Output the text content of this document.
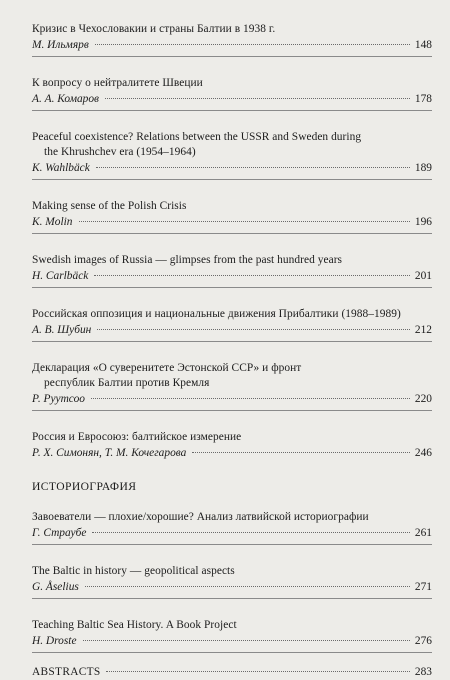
Кризис в Чехословакии и страны Балтии в 1938 г.
М. Ильмярв	148
К вопросу о нейтралитете Швеции
А. А. Комаров	178
Peaceful coexistence? Relations between the USSR and Sweden during
the Khrushchev era (1954–1964)
K. Wahlbäck	189
Making sense of the Polish Crisis
K. Molin	196
Swedish images of Russia — glimpses from the past hundred years
H. Carlbäck	201
Российская оппозиция и национальные движения Прибалтики (1988–1989)
А. В. Шубин	212
Декларация «О суверенитете Эстонской ССР» и фронт
республик Балтии против Кремля
Р. Руутсоо	220
Россия и Евросоюз: балтийское измерение
Р. Х. Симонян, Т. М. Кочегарова	246
ИСТОРИОГРАФИЯ
Завоеватели — плохие/хорошие? Анализ латвийской историографии
Г. Страубе	261
The Baltic in history — geopolitical aspects
G. Åselius	271
Teaching Baltic Sea History. A Book Project
H. Droste	276
ABSTRACTS	283
